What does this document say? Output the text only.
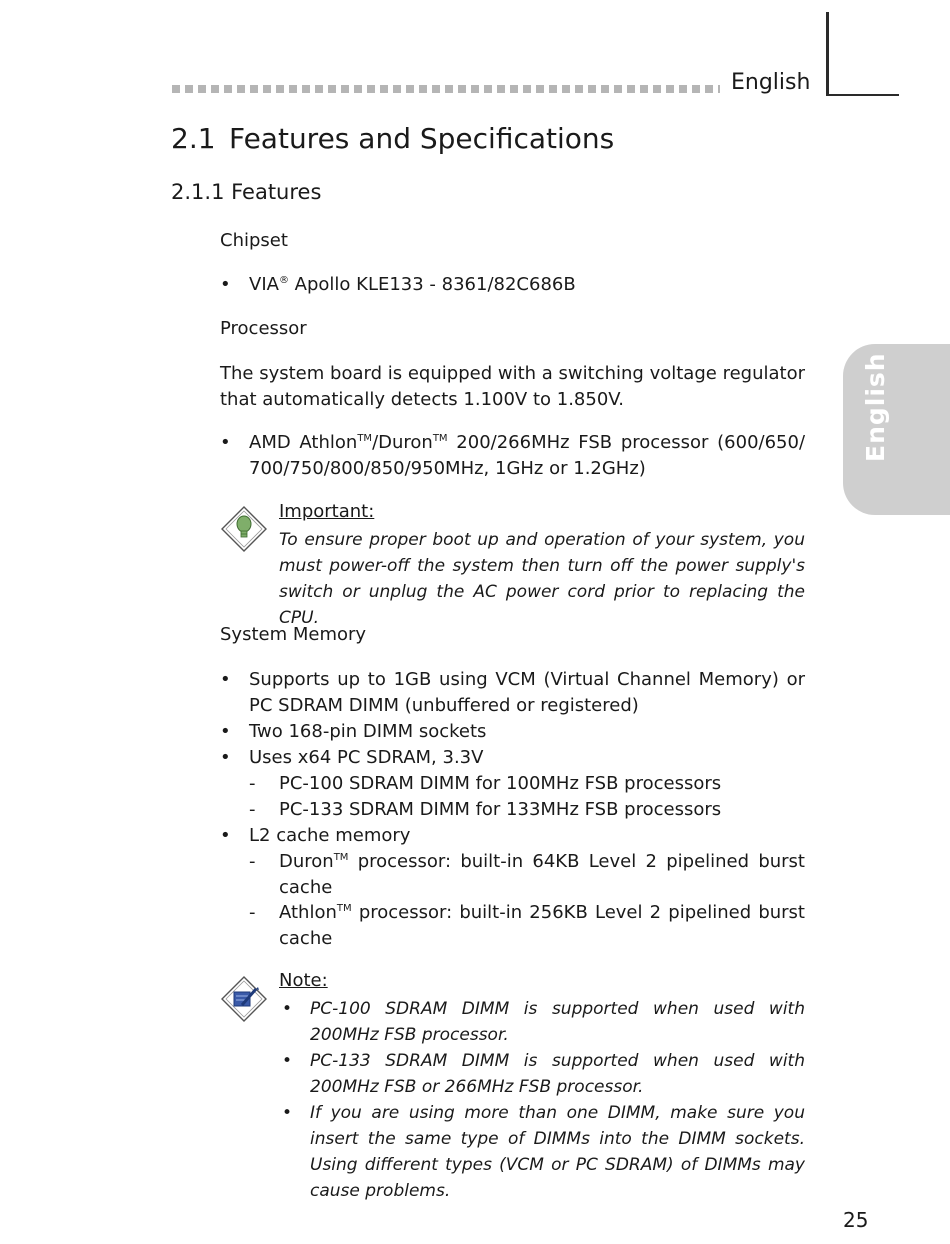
English
English
2.1 Features and Specifications
2.1.1 Features
Chipset
• VIA® Apollo KLE133 - 8361/82C686B
Processor
The system board is equipped with a switching voltage regulator that automatically detects 1.100V to 1.850V.
• AMD Athlon™/Duron™ 200/266MHz FSB processor (600/650/ 700/750/800/850/950MHz, 1GHz or 1.2GHz)
Important:
To ensure proper boot up and operation of your system, you must power-off the system then turn off the power supply's switch or unplug the AC power cord prior to replacing the CPU.
System Memory
• Supports up to 1GB using VCM (Virtual Channel Memory) or PC SDRAM DIMM (unbuffered or registered)
• Two 168-pin DIMM sockets
• Uses x64 PC SDRAM, 3.3V
- PC-100 SDRAM DIMM for 100MHz FSB processors
- PC-133 SDRAM DIMM for 133MHz FSB processors
• L2 cache memory
- Duron™ processor: built-in 64KB Level 2 pipelined burst cache
- Athlon™ processor: built-in 256KB Level 2 pipelined burst cache
Note:
• PC-100 SDRAM DIMM is supported when used with 200MHz FSB processor.
• PC-133 SDRAM DIMM is supported when used with 200MHz FSB or 266MHz FSB processor.
• If you are using more than one DIMM, make sure you insert the same type of DIMMs into the DIMM sockets. Using different types (VCM or PC SDRAM) of DIMMs may cause problems.
25
